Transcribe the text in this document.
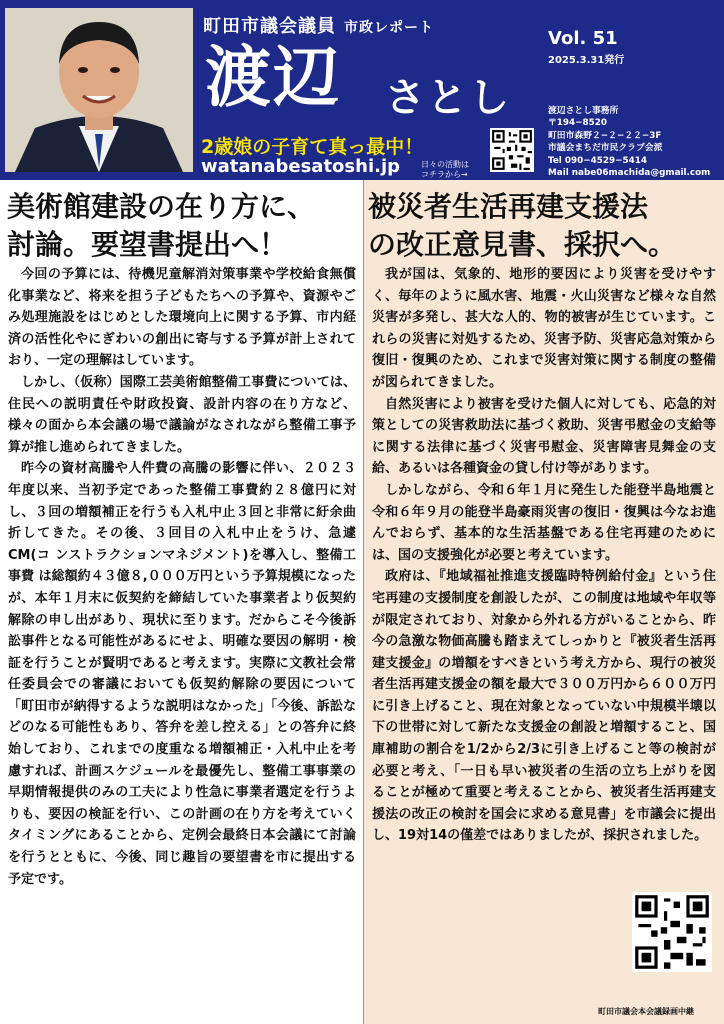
町田市議会議員 市政レポート
渡辺 さとし
2歳娘の子育て真っ最中！
watanabesatoshi.jp	日々の活動は
コチラから→
Vol. 51
2025.3.31発行
渡辺さとし事務所
〒194−8520
町田市森野２−２−２２−3F
市議会まちだ市民クラブ会派
Tel 090−4529−5414
Mail nabe06machida@gmail.com
美術館建設の在り方に、
討論。要望書提出へ！

今回の予算には、待機児童解消対策事業や学校給食無償化事業など、将来を担う子どもたちへの予算や、資源やごみ処理施設をはじめとした環境向上に関する予算、市内経済の活性化やにぎわいの創出に寄与する予算が計上されており、一定の理解はしています。

しかし、（仮称）国際工芸美術館整備工事費については、住民への説明責任や財政投資、設計内容の在り方など、様々の面から本会議の場で議論がなされながら整備工事予算が推し進められてきました。

昨今の資材高騰や人件費の高騰の影響に伴い、２０２３年度以来、当初予定であった整備工事費約２８億円に対し、３回の増額補正を行うも入札中止３回と非常に紆余曲折してきた。その後、３回目の入札中止をうけ、急遽CM(コ ンストラクションマネジメント)を導入し、整備工事費 は総額約４３億８,０００万円という予算規模になったが、本年１月末に仮契約を締結していた事業者より仮契約解除の申し出があり、現状に至ります。だからこそ今後訴訟事件となる可能性があるにせよ、明確な要因の解明・検証を行うことが賢明であると考えます。実際に文教社会常任委員会での審議においても仮契約解除の要因について「町田市が納得するような説明はなかった」「今後、訴訟などのなる可能性もあり、答弁を差し控える」との答弁に終始しており、これまでの度重なる増額補正・入札中止を考慮すれば、計画スケジュールを最優先し、整備工事事業の早期情報提供のみの工夫により性急に事業者選定を行うよりも、要因の検証を行い、この計画の在り方を考えていくタイミングにあることから、定例会最終日本会議にて討論を行うとともに、今後、同じ趣旨の要望書を市に提出する予定です。

被災者生活再建支援法
の改正意見書、採択へ。

我が国は、気象的、地形的要因により災害を受けやすく、毎年のように風水害、地震・火山災害など様々な自然災害が多発し、甚大な人的、物的被害が生じています。これらの災害に対処するため、災害予防、災害応急対策から復旧・復興のため、これまで災害対策に関する制度の整備が図られてきました。

自然災害により被害を受けた個人に対しても、応急的対策としての災害救助法に基づく救助、災害弔慰金の支給等に関する法律に基づく災害弔慰金、災害障害見舞金の支給、あるいは各種資金の貸し付け等があります。

しかしながら、令和６年１月に発生した能登半島地震と令和６年９月の能登半島豪雨災害の復旧・復興は今なお進んでおらず、基本的な生活基盤である住宅再建のためには、国の支援強化が必要と考えています。

政府は、『地域福祉推進支援臨時特例給付金』という住宅再建の支援制度を創設したが、この制度は地域や年収等が限定されており、対象から外れる方がいることから、昨今の急激な物価高騰も踏まえてしっかりと『被災者生活再建支援金』の増額をすべきという考え方から、現行の被災者生活再建支援金の額を最大で３００万円から６００万円に引き上げること、現在対象となっていない中規模半壊以下の世帯に対して新たな支援金の創設と増額すること、国庫補助の割合を1/2から2/3に引き上げること等の検討が必要と考え、「一日も早い被災者の生活の立ち上がりを図ることが極めて重要と考えることから、被災者生活再建支援法の改正の検討を国会に求める意見書」を市議会に提出し、19対14の僅差ではありましたが、採択されました。

町田市議会本会議録画中継
